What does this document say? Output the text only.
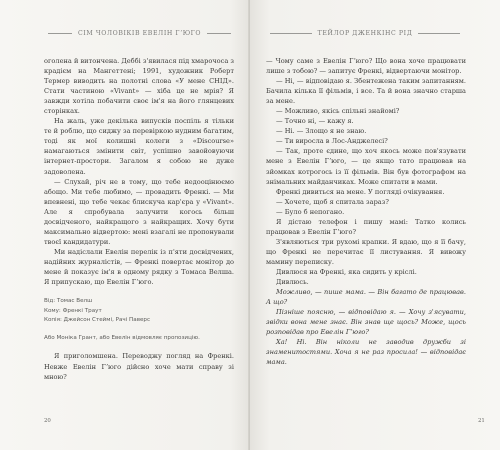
СІМ ЧОЛОВІКІВ ЕВЕЛІН ГʼЮГО

оголена й витончена. Деббі з'явилася під хмарочоса з крадієм на Мангеттені; 1991, художник Роберт Термер виводить на полотні слова «У мене СНІД». Стати частиною «Vivant» — хіба це не мрія? Я завжди хотіла побачити своє ім'я на його глянцевих сторінках.

На жаль, уже декілька випусків поспіль я тільки те й роблю, що сиджу за перевіркою нудним багатим, тоді як мої колишні колеги з «Discourse» намагаються змінити світ, успішно завойовуючи інтернет-простори. Загалом я собою не дуже задоволена.

— Слухай, річ не в тому, що тебе недооцінюємо абощо. Ми тебе любимо, — провадить Френкі. — Ми впевнені, що тебе чекає блискуча кар'єра у «Vivant». Але я спробувала залучити когось більш досвідченого, найкращого з найкращих. Хочу бути максимально відвертою: мені взагалі не пропонували твоєї кандидатури.

Ми надіслали Евелін перелік із п'яти досвідчених, надійних журналістів, — Френкі повертає монітор до мене й показує ім'я в одному рядку з Томаса Велша. Я припускаю, що Евелін Гʼюго.

Від: Томас Велш
Кому: Френкі Траут
Копія: Джейсон Стеймі, Рачі Паверс
Або Моніка Грант, або Евелін відмовляє пропозицію.

Я приголомшена. Переводжу погляд на Френкі. Невже Евелін Гʼюго дійсно хоче мати справу зі мною?

20
ТЕЙЛОР ДЖЕНКІНС РІД

— Чому саме з Евелін Гʼюго? Що вона хоче працювати лише з тобою? — запитує Френкі, відвертаючи монітор.

— Ні, — відповідаю я. Збентежена таким запитанням. Бачила кілька її фільмів, і все. Та й вона значно старша за мене.

— Можливо, якісь спільні знайомі?

— Точно ні, — кажу я.

— Ні. — Злощо я не знаю.

— Ти виросла в Лос-Анджелесі?

— Так, проте єдине, що хоч якось може пов'язувати мене з Евелін Гʼюго, — це якщо тато працював на зйомках котрогось із її фільмів. Він був фотографом на знімальних майданчиках. Може спитати в мами.

Френкі дивиться на мене. У погляді очікування.

— Хочете, щоб я спитала зараз?

— Було б непогано.

Я дістаю телефон і пишу мамі: Татко колись працював з Евелін Гʼюго?

З'являються три рухомі крапки. Я вдаю, що я її бачу, що Френкі не перечитає її листування. Я вивожу мамину переписку.

Дивлюся на Френкі, яка сидить у кріслі.

Дивлюсь.

Можливо, — пише мама. — Він багато де працював. А що?

Пізніше поясню, — відповідаю я. — Хочу з'ясувати, звідки вона мене знає. Він знав ще щось? Може, щось розповідав про Евелін Гʼюго?

Ха! Ні. Він ніколи не заводив дружби зі знаменитостями. Хоча я не раз просила! — відповідає мама.

21
